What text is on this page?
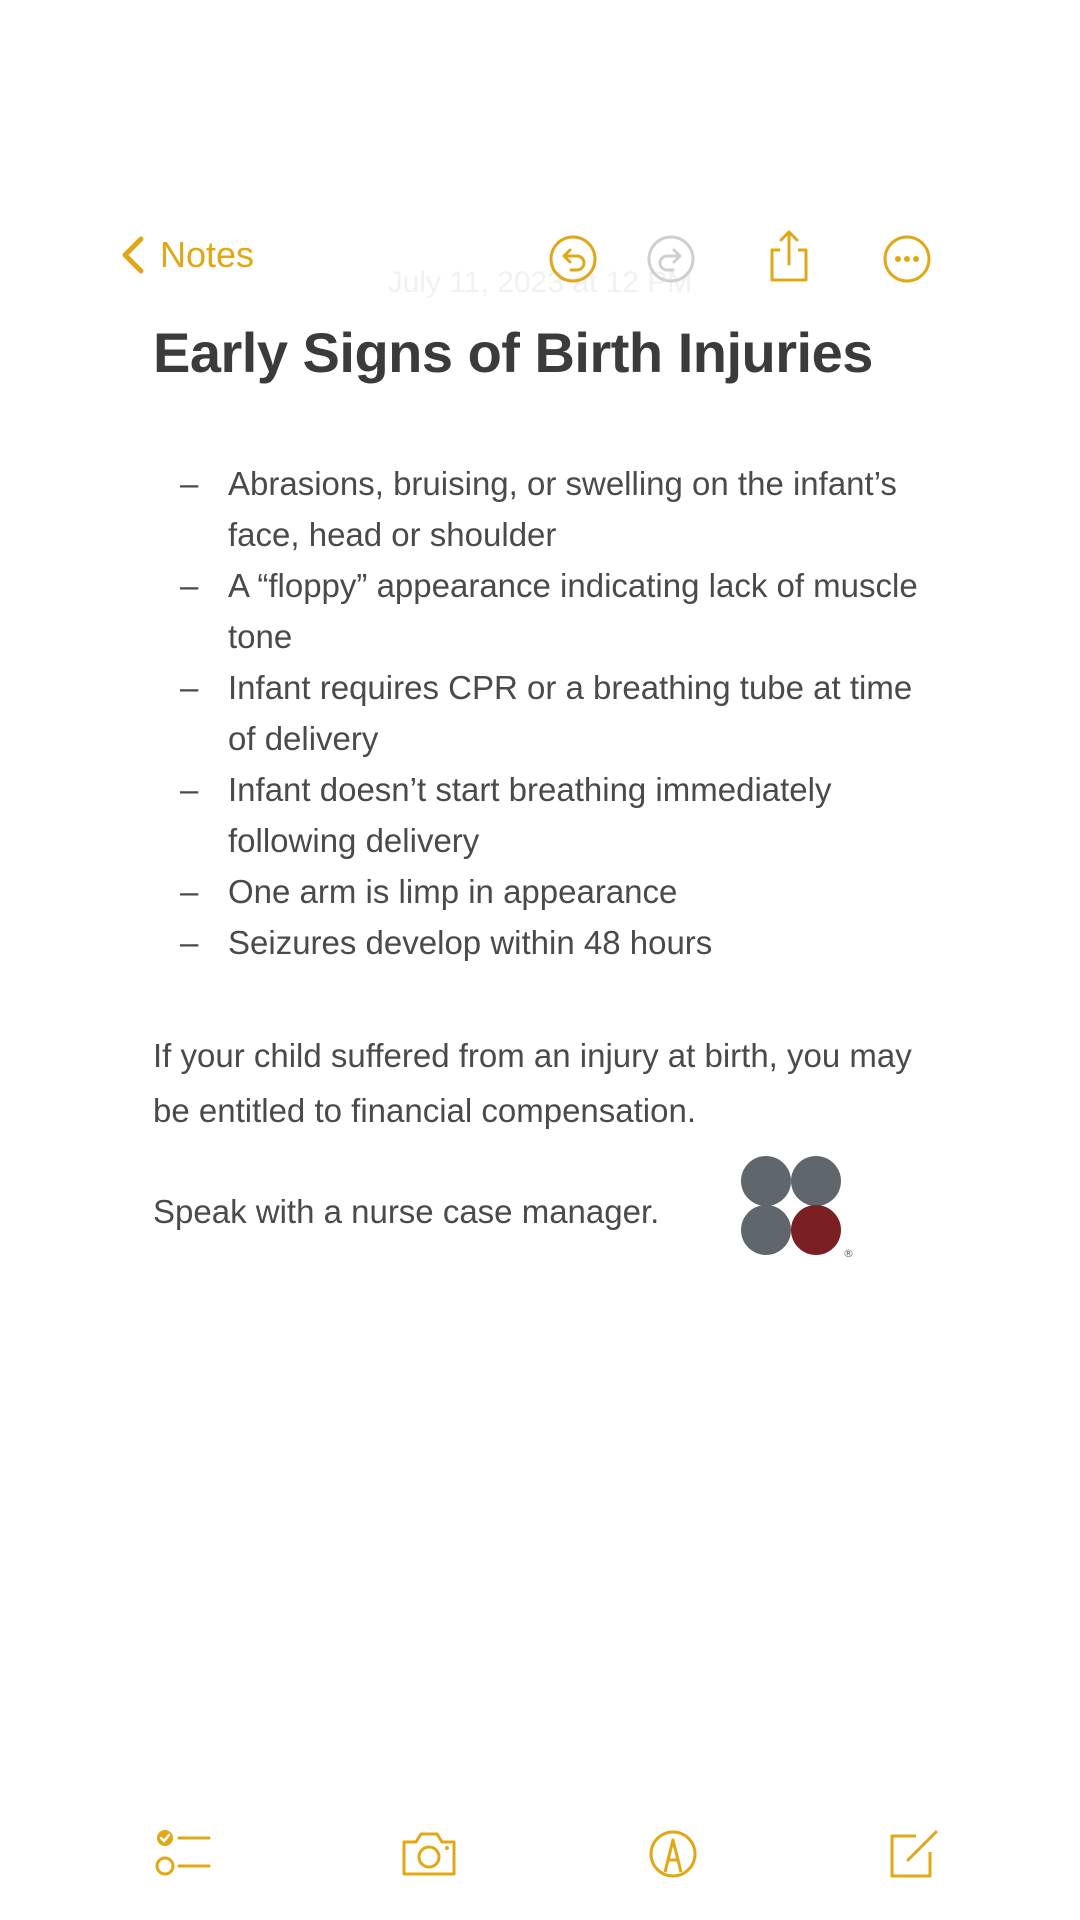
July 11, 2023 at 12 PM
Notes
Early Signs of Birth Injuries
– Abrasions, bruising, or swelling on the infant’s face, head or shoulder
– A “floppy” appearance indicating lack of muscle tone
– Infant requires CPR or a breathing tube at time of delivery
– Infant doesn’t start breathing immediately following delivery
– One arm is limp in appearance
– Seizures develop within 48 hours
If your child suffered from an injury at birth, you may be entitled to financial compensation.
Speak with a nurse case manager.
®
